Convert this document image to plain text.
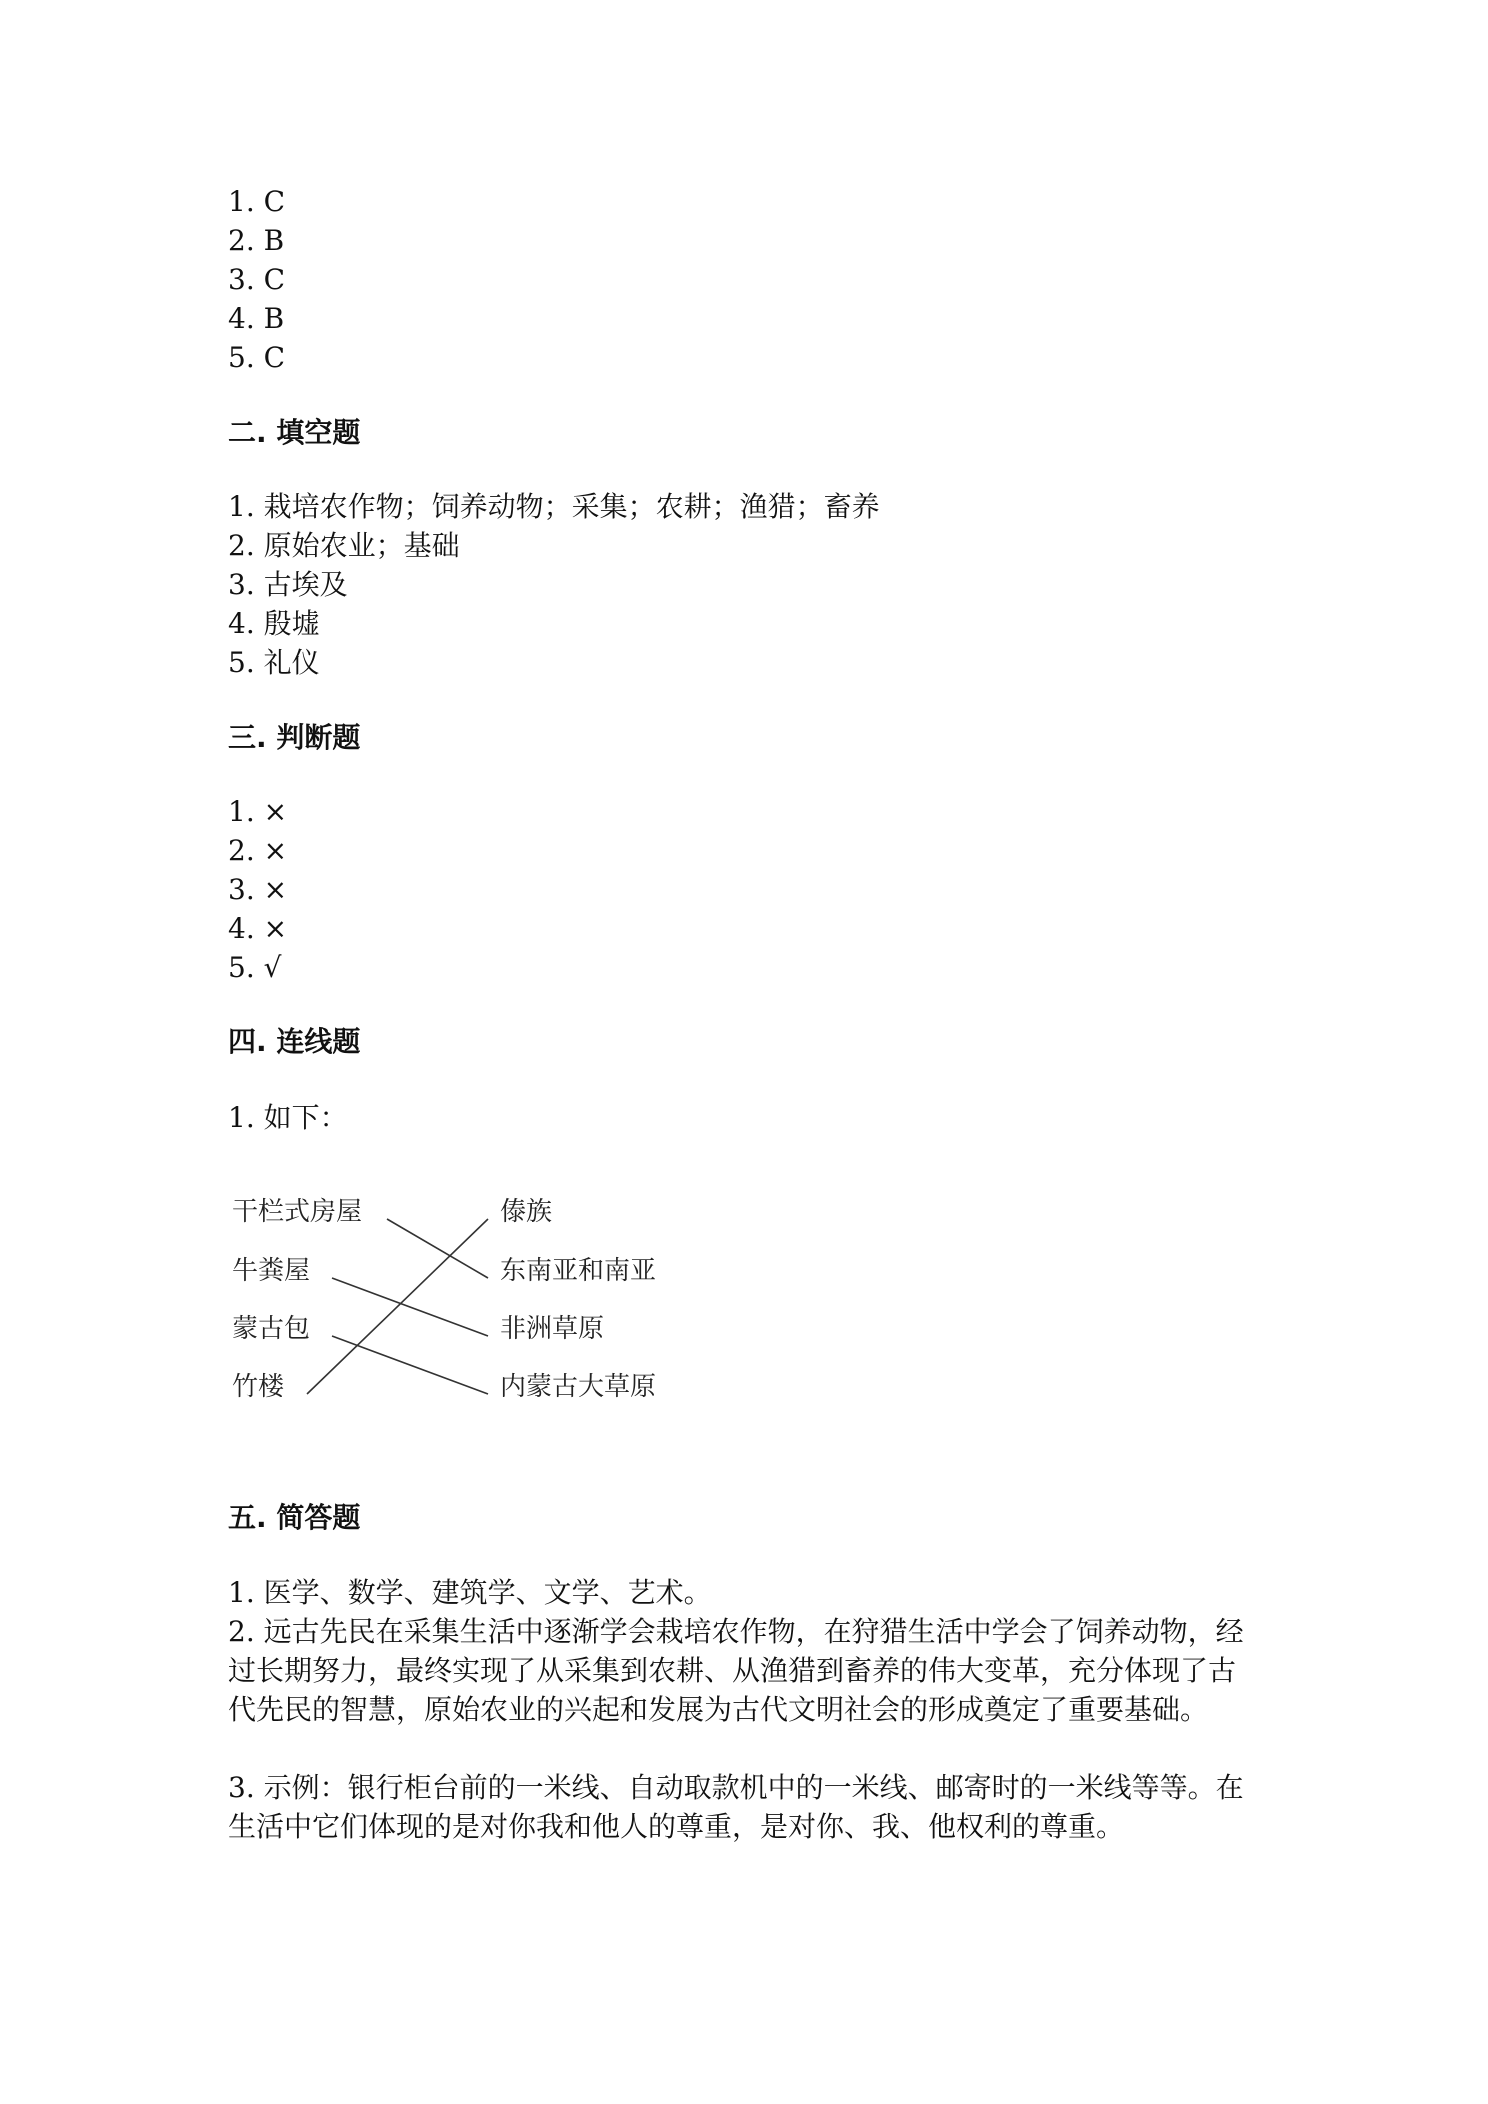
1. C
2. B
3. C
4. B
5. C
二. 填空题
1. 栽培农作物；饲养动物；采集；农耕；渔猎；畜养
2. 原始农业；基础
3. 古埃及
4. 殷墟
5. 礼仪
三. 判断题
1. ×
2. ×
3. ×
4. ×
5. √
四. 连线题
1. 如下：
五. 简答题
1. 医学、数学、建筑学、文学、艺术。
2. 远古先民在采集生活中逐渐学会栽培农作物，在狩猎生活中学会了饲养动物，经过长期努力，最终实现了从采集到农耕、从渔猎到畜养的伟大变革，充分体现了古代先民的智慧，原始农业的兴起和发展为古代文明社会的形成奠定了重要基础。
3. 示例：银行柜台前的一米线、自动取款机中的一米线、邮寄时的一米线等等。在生活中它们体现的是对你我和他人的尊重，是对你、我、他权利的尊重。
干栏式房屋
牛粪屋
蒙古包
竹楼
傣族
东南亚和南亚
非洲草原
内蒙古大草原
